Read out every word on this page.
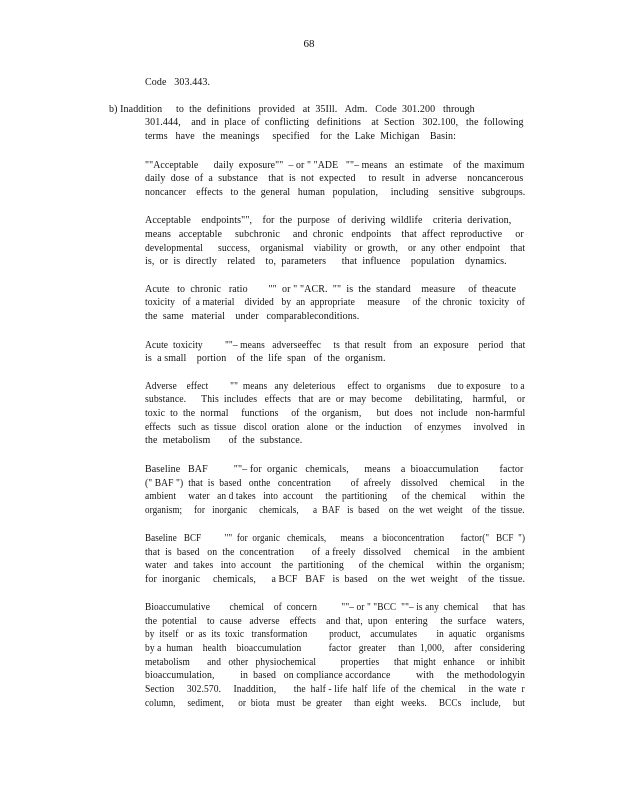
68
Code   303.443.
b) Inaddition to  the  definitions   provided   at  35Ill.   Adm.   Code  301.200   through
301.444,    and  in  place  of  conflicting   definitions    at  Section   302.100,   the  following
terms   have   the  meanings     specified    for  the  Lake  Michigan    Basin:
""Acceptable      daily  exposure""  – or " "ADE   ""– means   an  estimate    of  the  maximum
daily  dose  of  a  substance    that  is  not  expected     to  result   in  adverse    noncancerous
noncancer    effects   to  the  general   human   population,     including    sensitive   subgroups.
Acceptable    endpoints"",    for  the  purpose   of  deriving  wildlife    criteria  derivation,
means   acceptable     subchronic     and  chronic   endpoints    that  affect  reproductive     or
developmental      success,    organismal    viability   or  growth,    or  any  other  endpoint    that
is,  or  is  directly    related    to,  parameters      that  influence    population    dynamics.
Acute   to  chronic   ratio        ""  or " "ACR.  ""  is  the  standard    measure     of  theacute
toxicity   of  a material    divided   by  an  appropriate     measure     of  the  chronic   toxicity   of
the  same   material    under   comparableconditions.
Acute  toxicity         ""– means   adverseeffec     ts  that  result   from   an  exposure    period   that
is  a small    portion    of  the  life  span   of  the  organism.
Adverse    effect         ""  means   any  deleterious     effect  to  organisms     due  to exposure    to a
substance.      This  includes   effects   that  are  or  may  become     debilitating,    harmful,    or
toxic  to  the  normal     functions     of  the  organism,      but  does   not  include   non-harmful
effects   such  as  tissue   discol  oration   alone   or  the  induction     of  enzymes     involved    in
the  metabolism       of  the  substance.
Baseline   BAF          ""– for  organic   chemicals,      means    a  bioaccumulation        factor
(" BAF ")  that  is  based   onthe   concentration        of  afreely    dissolved     chemical      in  the
ambient     water   an d takes   into  account     the  partitioning      of  the  chemical      within   the
organism;     for   inorganic     chemicals,      a  BAF   is  based    on  the  wet  weight    of  the  tissue.
Baseline   BCF          ""  for  organic   chemicals,      means    a  bioconcentration       factor("   BCF  ")
that  is  based   on  the  concentration       of  a freely   dissolved     chemical     in  the  ambient
water   and  takes   into  account    the  partitioning      of  the  chemical     within   the  organism;
for  inorganic     chemicals,      a BCF   BAF   is  based    on  the  wet  weight    of  the  tissue.
Bioaccumulative        chemical    of  concern          ""– or " "BCC  ""– is any  chemical      that  has
the  potential    to  cause   adverse    effects    and  that,  upon   entering     the  surface    waters,
by  itself   or  as  its  toxic   transformation         product,    accumulates        in  aquatic    organisms
by a  human    health    bioaccumulation           factor   greater     than  1,000,    after   considering
metabolism       and   other   physiochemical          properties      that  might   enhance     or  inhibit
bioaccumulation,          in  based   on compliance accordance          with     the  methodologyin
Section     302.570.     Inaddition,       the  half - life  half  life  of  the  chemical     in  the  wate  r
column,     sediment,      or  biota   must   be  greater     than  eight   weeks.     BCCs    include,     but
